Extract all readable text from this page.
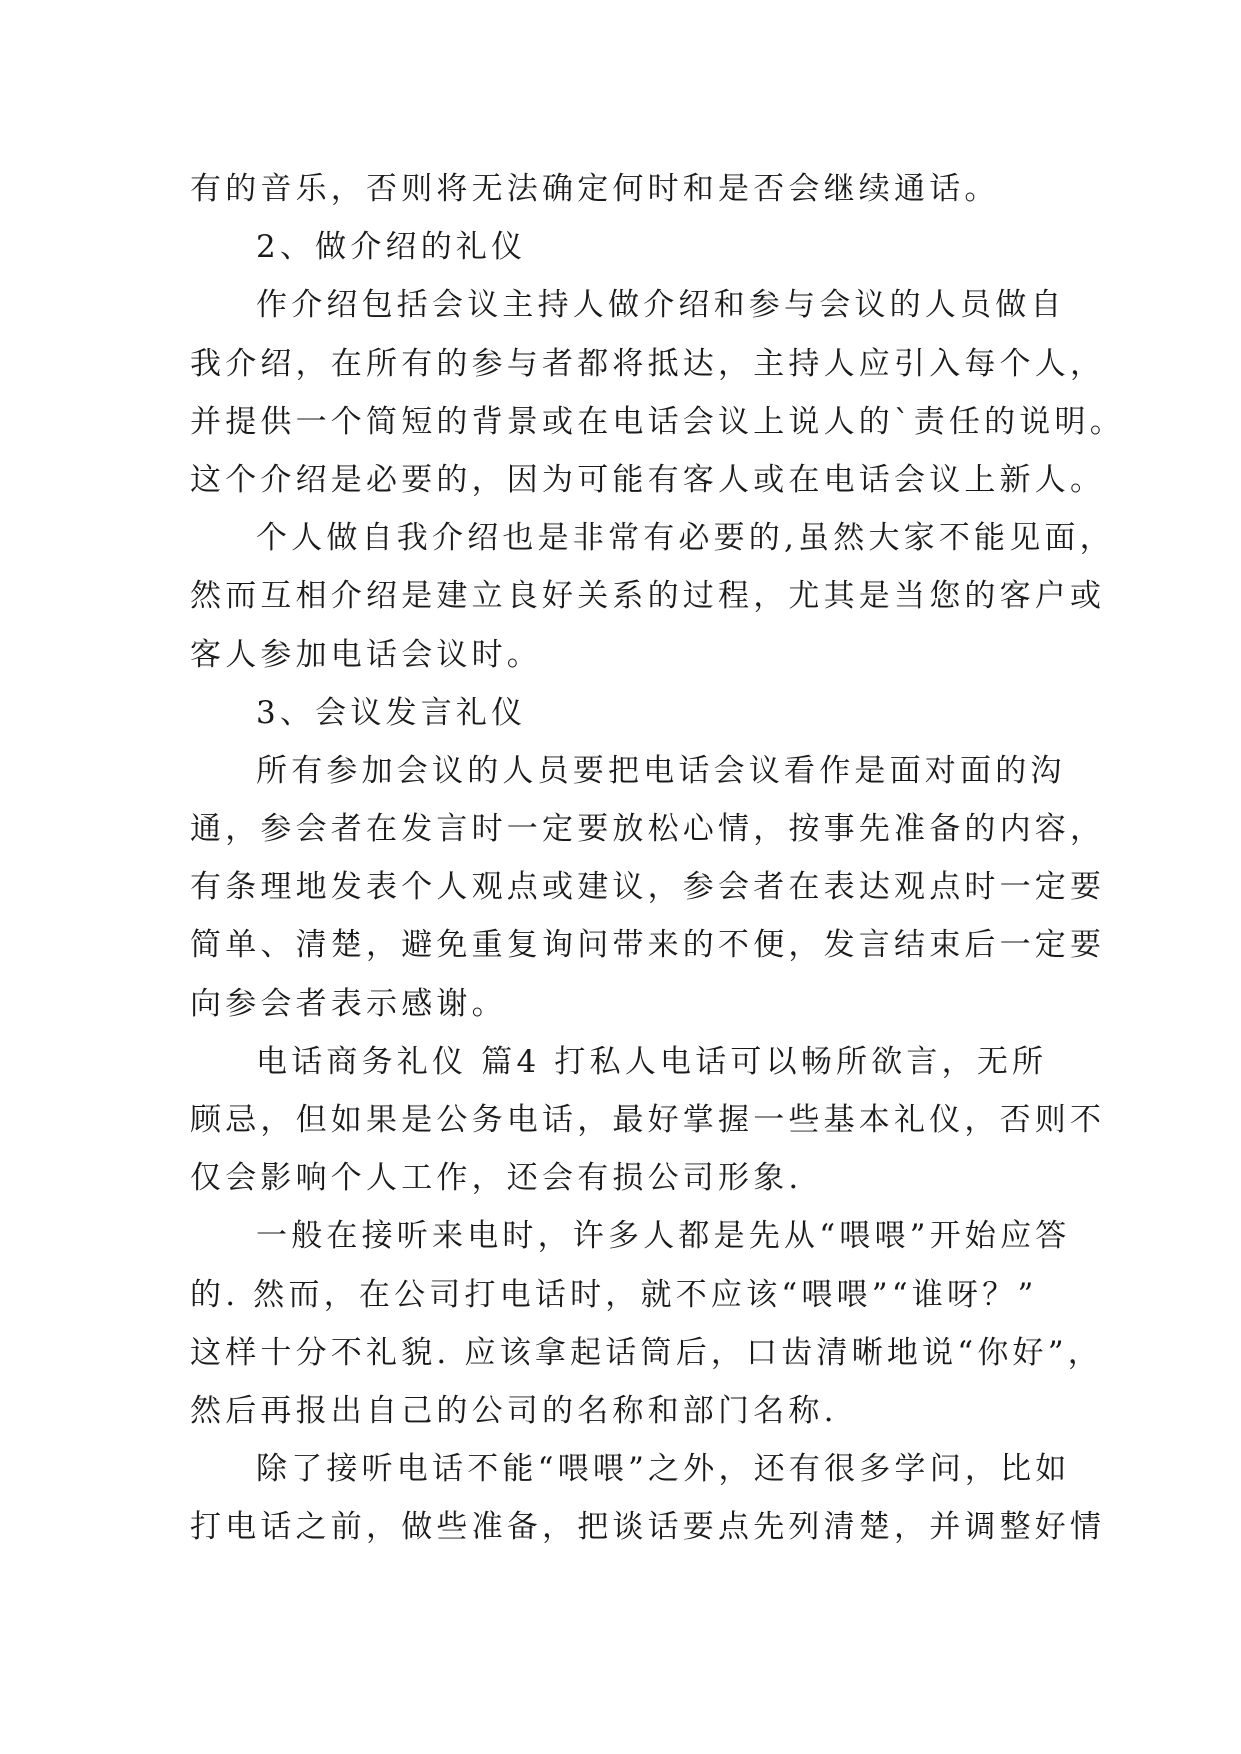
有的音乐，否则将无法确定何时和是否会继续通话。
2、做介绍的礼仪
作介绍包括会议主持人做介绍和参与会议的人员做自
我介绍，在所有的参与者都将抵达，主持人应引入每个人，
并提供一个简短的背景或在电话会议上说人的`责任的说明。
这个介绍是必要的，因为可能有客人或在电话会议上新人。
个人做自我介绍也是非常有必要的,虽然大家不能见面，
然而互相介绍是建立良好关系的过程，尤其是当您的客户或
客人参加电话会议时。
3、会议发言礼仪
所有参加会议的人员要把电话会议看作是面对面的沟
通，参会者在发言时一定要放松心情，按事先准备的内容，
有条理地发表个人观点或建议，参会者在表达观点时一定要
简单、清楚，避免重复询问带来的不便，发言结束后一定要
向参会者表示感谢。
电话商务礼仪 篇4 打私人电话可以畅所欲言，无所
顾忌，但如果是公务电话，最好掌握一些基本礼仪，否则不
仅会影响个人工作，还会有损公司形象.
一般在接听来电时，许多人都是先从“喂喂”开始应答
的. 然而，在公司打电话时，就不应该“喂喂”“谁呀？”
这样十分不礼貌. 应该拿起话筒后，口齿清晰地说“你好”，
然后再报出自己的公司的名称和部门名称.
除了接听电话不能“喂喂”之外，还有很多学问，比如
打电话之前，做些准备，把谈话要点先列清楚，并调整好情
